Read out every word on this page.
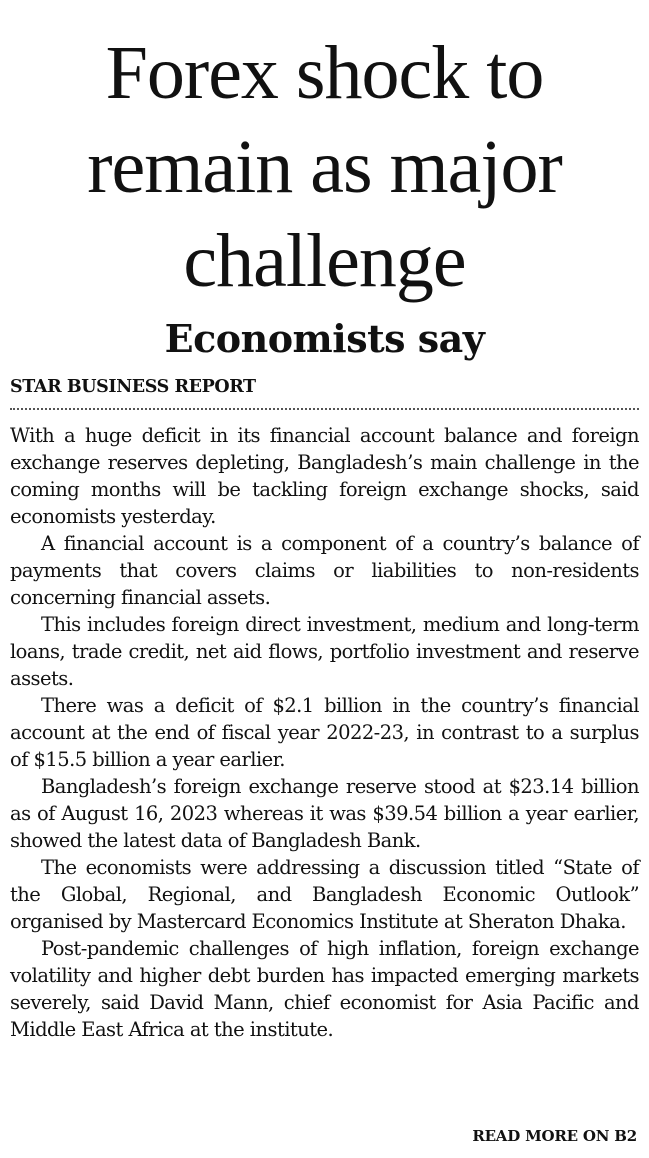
Forex shock to
remain as major
challenge
Economists say
STAR BUSINESS REPORT

With a huge deficit in its financial account balance and foreign exchange reserves depleting, Bangladesh’s main challenge in the coming months will be tackling foreign exchange shocks, said economists yesterday.

A financial account is a component of a country’s balance of payments that covers claims or liabilities to non-residents concerning financial assets.

This includes foreign direct investment, medium and long-term loans, trade credit, net aid flows, portfolio investment and reserve assets.

There was a deficit of $2.1 billion in the country’s financial account at the end of fiscal year 2022-23, in contrast to a surplus of $15.5 billion a year earlier.

Bangladesh’s foreign exchange reserve stood at $23.14 billion as of August 16, 2023 whereas it was $39.54 billion a year earlier, showed the latest data of Bangladesh Bank.

The economists were addressing a discussion titled “State of the Global, Regional, and Bangladesh Economic Outlook” organised by Mastercard Economics Institute at Sheraton Dhaka.

Post-pandemic challenges of high inflation, foreign exchange volatility and higher debt burden has impacted emerging markets severely, said David Mann, chief economist for Asia Pacific and Middle East Africa at the institute.

READ MORE ON B2
